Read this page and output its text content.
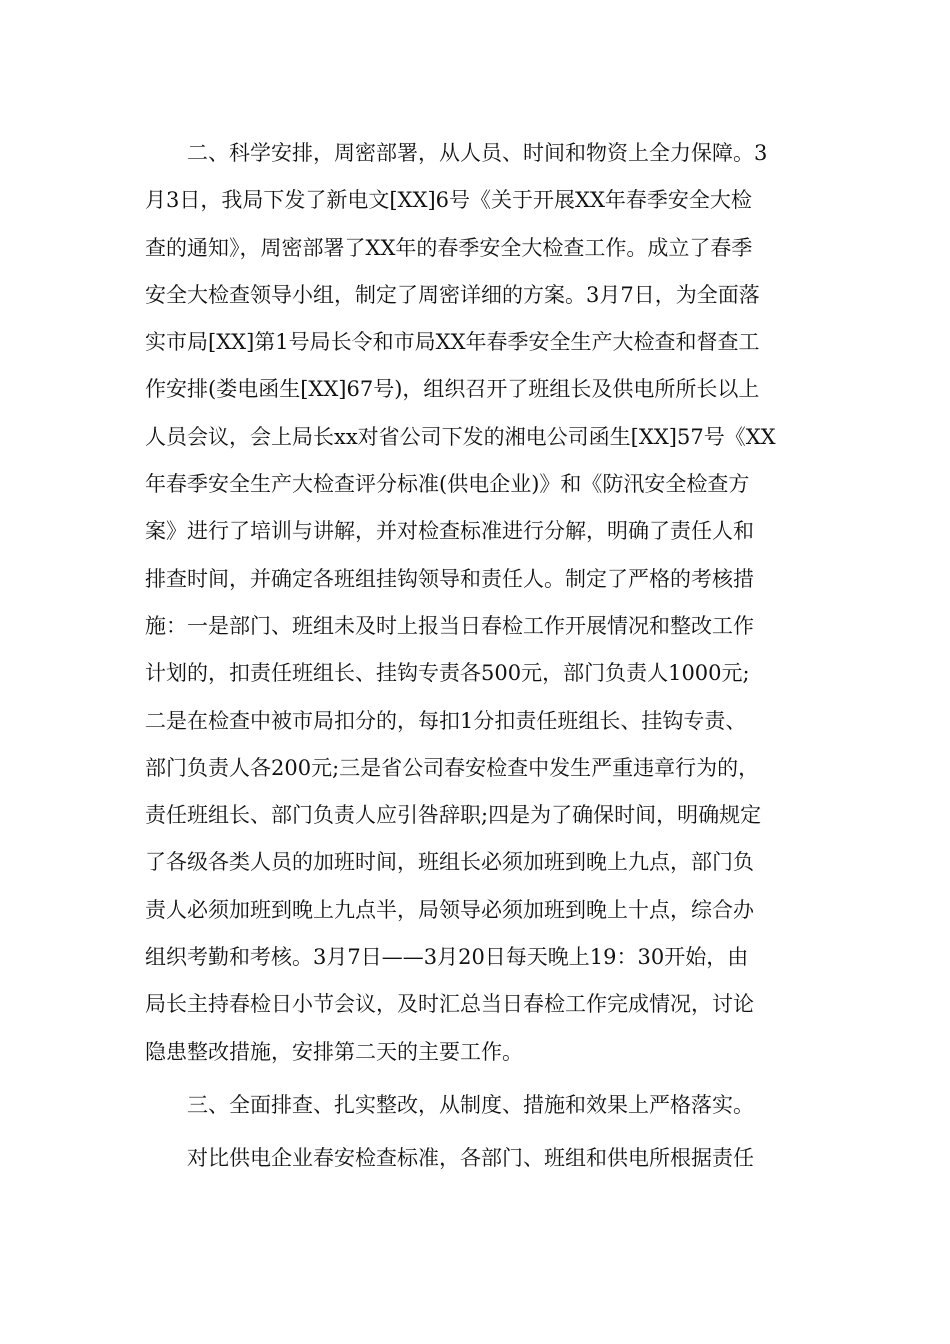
　　二、科学安排，周密部署，从人员、时间和物资上全力保障。3
月3日，我局下发了新电文[XX]6号《关于开展XX年春季安全大检
查的通知》，周密部署了XX年的春季安全大检查工作。成立了春季
安全大检查领导小组，制定了周密详细的方案。3月7日，为全面落
实市局[XX]第1号局长令和市局XX年春季安全生产大检查和督查工
作安排(娄电函生[XX]67号)，组织召开了班组长及供电所所长以上
人员会议，会上局长xx对省公司下发的湘电公司函生[XX]57号《XX
年春季安全生产大检查评分标准(供电企业)》和《防汛安全检查方
案》进行了培训与讲解，并对检查标准进行分解，明确了责任人和
排查时间，并确定各班组挂钩领导和责任人。制定了严格的考核措
施：一是部门、班组未及时上报当日春检工作开展情况和整改工作
计划的，扣责任班组长、挂钩专责各500元，部门负责人1000元;
二是在检查中被市局扣分的，每扣1分扣责任班组长、挂钩专责、
部门负责人各200元;三是省公司春安检查中发生严重违章行为的，
责任班组长、部门负责人应引咎辞职;四是为了确保时间，明确规定
了各级各类人员的加班时间，班组长必须加班到晚上九点，部门负
责人必须加班到晚上九点半，局领导必须加班到晚上十点，综合办
组织考勤和考核。3月7日——3月20日每天晚上19：30开始，由
局长主持春检日小节会议，及时汇总当日春检工作完成情况，讨论
隐患整改措施，安排第二天的主要工作。
　　三、全面排查、扎实整改，从制度、措施和效果上严格落实。
　　对比供电企业春安检查标准，各部门、班组和供电所根据责任
